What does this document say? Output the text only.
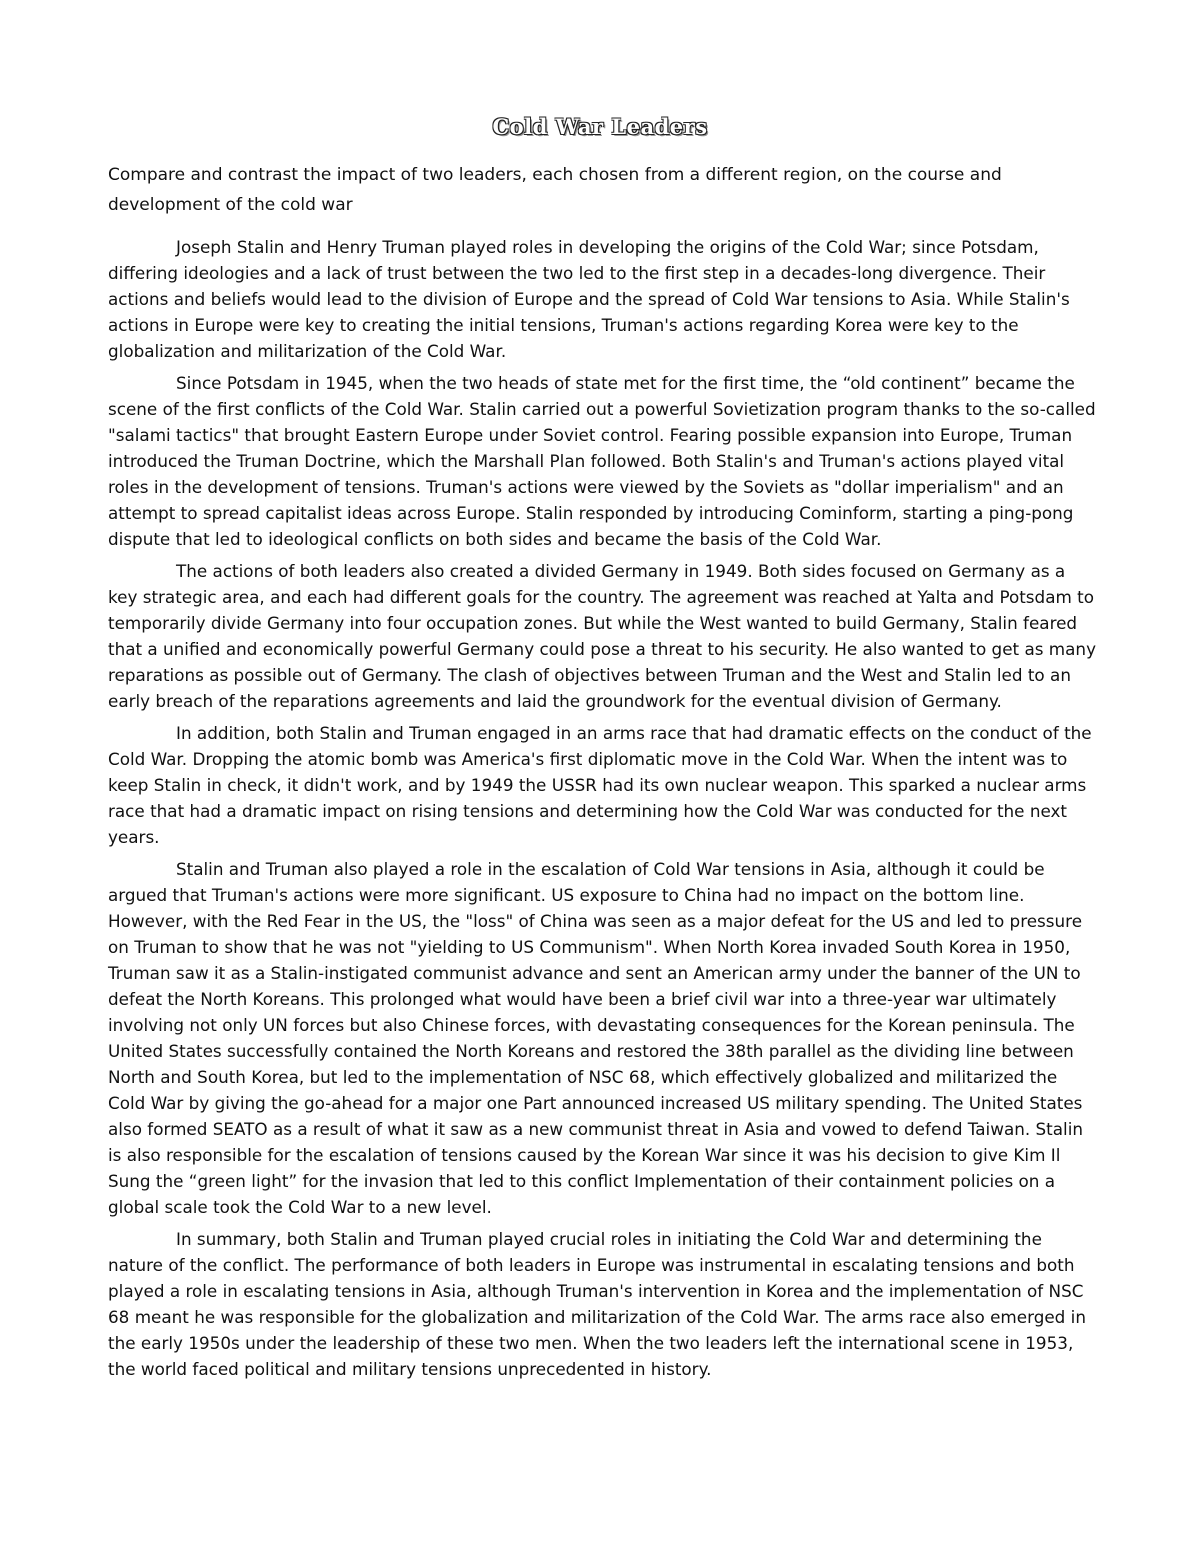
Cold War Leaders
Compare and contrast the impact of two leaders, each chosen from a different region, on the course and development of the cold war

Joseph Stalin and Henry Truman played roles in developing the origins of the Cold War; since Potsdam, differing ideologies and a lack of trust between the two led to the first step in a decades-long divergence. Their actions and beliefs would lead to the division of Europe and the spread of Cold War tensions to Asia. While Stalin's actions in Europe were key to creating the initial tensions, Truman's actions regarding Korea were key to the globalization and militarization of the Cold War.

Since Potsdam in 1945, when the two heads of state met for the first time, the “old continent” became the scene of the first conflicts of the Cold War. Stalin carried out a powerful Sovietization program thanks to the so-called "salami tactics" that brought Eastern Europe under Soviet control. Fearing possible expansion into Europe, Truman introduced the Truman Doctrine, which the Marshall Plan followed. Both Stalin's and Truman's actions played vital roles in the development of tensions. Truman's actions were viewed by the Soviets as "dollar imperialism" and an attempt to spread capitalist ideas across Europe. Stalin responded by introducing Cominform, starting a ping-pong dispute that led to ideological conflicts on both sides and became the basis of the Cold War.

The actions of both leaders also created a divided Germany in 1949. Both sides focused on Germany as a key strategic area, and each had different goals for the country. The agreement was reached at Yalta and Potsdam to temporarily divide Germany into four occupation zones. But while the West wanted to build Germany, Stalin feared that a unified and economically powerful Germany could pose a threat to his security. He also wanted to get as many reparations as possible out of Germany. The clash of objectives between Truman and the West and Stalin led to an early breach of the reparations agreements and laid the groundwork for the eventual division of Germany.

In addition, both Stalin and Truman engaged in an arms race that had dramatic effects on the conduct of the Cold War. Dropping the atomic bomb was America's first diplomatic move in the Cold War. When the intent was to keep Stalin in check, it didn't work, and by 1949 the USSR had its own nuclear weapon. This sparked a nuclear arms race that had a dramatic impact on rising tensions and determining how the Cold War was conducted for the next years.

Stalin and Truman also played a role in the escalation of Cold War tensions in Asia, although it could be argued that Truman's actions were more significant. US exposure to China had no impact on the bottom line. However, with the Red Fear in the US, the "loss" of China was seen as a major defeat for the US and led to pressure on Truman to show that he was not "yielding to US Communism". When North Korea invaded South Korea in 1950, Truman saw it as a Stalin-instigated communist advance and sent an American army under the banner of the UN to defeat the North Koreans. This prolonged what would have been a brief civil war into a three-year war ultimately involving not only UN forces but also Chinese forces, with devastating consequences for the Korean peninsula. The United States successfully contained the North Koreans and restored the 38th parallel as the dividing line between North and South Korea, but led to the implementation of NSC 68, which effectively globalized and militarized the Cold War by giving the go-ahead for a major one Part announced increased US military spending. The United States also formed SEATO as a result of what it saw as a new communist threat in Asia and vowed to defend Taiwan. Stalin is also responsible for the escalation of tensions caused by the Korean War since it was his decision to give Kim Il Sung the “green light” for the invasion that led to this conflict Implementation of their containment policies on a global scale took the Cold War to a new level.

In summary, both Stalin and Truman played crucial roles in initiating the Cold War and determining the nature of the conflict. The performance of both leaders in Europe was instrumental in escalating tensions and both played a role in escalating tensions in Asia, although Truman's intervention in Korea and the implementation of NSC 68 meant he was responsible for the globalization and militarization of the Cold War. The arms race also emerged in the early 1950s under the leadership of these two men. When the two leaders left the international scene in 1953, the world faced political and military tensions unprecedented in history.
